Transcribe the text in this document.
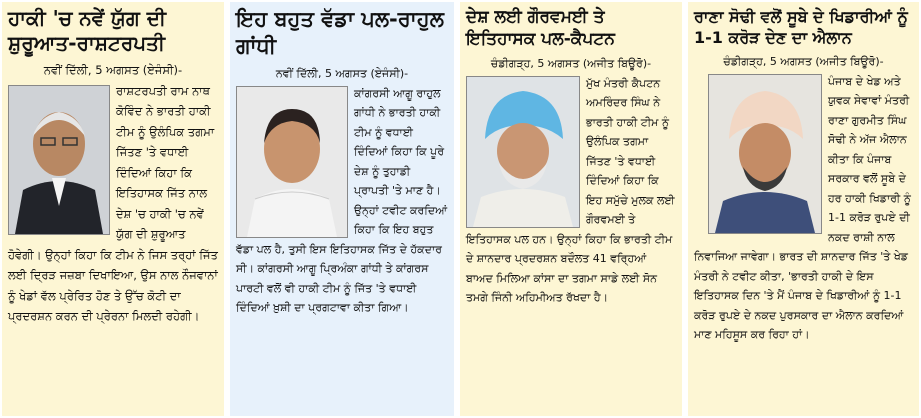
ਹਾਕੀ 'ਚ ਨਵੇਂ ਯੁੱਗ ਦੀ ਸ਼ੁਰੂਆਤ-ਰਾਸ਼ਟਰਪਤੀ
ਨਵੀਂ ਦਿੱਲੀ, 5 ਅਗਸਤ (ਏਜੰਸੀ)-
ਰਾਸ਼ਟਰਪਤੀ ਰਾਮ ਨਾਥ ਕੋਵਿੰਦ ਨੇ ਭਾਰਤੀ ਹਾਕੀ ਟੀਮ ਨੂੰ ਉਲੰਪਿਕ ਤਗਮਾ ਜਿੱਤਣ 'ਤੇ ਵਧਾਈ ਦਿੰਦਿਆਂ ਕਿਹਾ ਕਿ ਇਤਿਹਾਸਕ ਜਿੱਤ ਨਾਲ ਦੇਸ਼ 'ਚ ਹਾਕੀ 'ਚ ਨਵੇਂ ਯੁੱਗ ਦੀ ਸ਼ੁਰੂਆਤ ਹੋਵੇਗੀ। ਉਨ੍ਹਾਂ ਕਿਹਾ ਕਿ ਟੀਮ ਨੇ ਜਿਸ ਤਰ੍ਹਾਂ ਜਿੱਤ ਲਈ ਦ੍ਰਿੜ ਜਜ਼ਬਾ ਦਿਖਾਇਆ, ਉਸ ਨਾਲ ਨੌਜਵਾਨਾਂ ਨੂੰ ਖੇਡਾਂ ਵੱਲ ਪ੍ਰੇਰਿਤ ਹੋਣ ਤੇ ਉੱਚ ਕੋਟੀ ਦਾ ਪ੍ਰਦਰਸ਼ਨ ਕਰਨ ਦੀ ਪ੍ਰੇਰਨਾ ਮਿਲਦੀ ਰਹੇਗੀ।
ਇਹ ਬਹੁਤ ਵੱਡਾ ਪਲ-ਰਾਹੁਲ ਗਾਂਧੀ
ਨਵੀਂ ਦਿੱਲੀ, 5 ਅਗਸਤ (ਏਜੰਸੀ)-
ਕਾਂਗਰਸੀ ਆਗੂ ਰਾਹੁਲ ਗਾਂਧੀ ਨੇ ਭਾਰਤੀ ਹਾਕੀ ਟੀਮ ਨੂੰ ਵਧਾਈ ਦਿੰਦਿਆਂ ਕਿਹਾ ਕਿ ਪੂਰੇ ਦੇਸ਼ ਨੂੰ ਤੁਹਾਡੀ ਪ੍ਰਾਪਤੀ 'ਤੇ ਮਾਣ ਹੈ। ਉਨ੍ਹਾਂ ਟਵੀਟ ਕਰਦਿਆਂ ਕਿਹਾ ਕਿ ਇਹ ਬਹੁਤ ਵੱਡਾ ਪਲ ਹੈ, ਤੁਸੀ ਇਸ ਇਤਿਹਾਸਕ ਜਿੱਤ ਦੇ ਹੱਕਦਾਰ ਸੀ। ਕਾਂਗਰਸੀ ਆਗੂ ਪ੍ਰਿਅੰਕਾ ਗਾਂਧੀ ਤੇ ਕਾਂਗਰਸ ਪਾਰਟੀ ਵਲੋਂ ਵੀ ਹਾਕੀ ਟੀਮ ਨੂੰ ਜਿੱਤ 'ਤੇ ਵਧਾਈ ਦਿੰਦਿਆਂ ਖ਼ੁਸ਼ੀ ਦਾ ਪ੍ਰਗਟਾਵਾ ਕੀਤਾ ਗਿਆ।
ਦੇਸ਼ ਲਈ ਗੌਰਵਮਈ ਤੇ ਇਤਿਹਾਸਕ ਪਲ-ਕੈਪਟਨ
ਚੰਡੀਗੜ੍ਹ, 5 ਅਗਸਤ (ਅਜੀਤ ਬਿਊਰੋ)-
ਮੁੱਖ ਮੰਤਰੀ ਕੈਪਟਨ ਅਮਰਿੰਦਰ ਸਿੰਘ ਨੇ ਭਾਰਤੀ ਹਾਕੀ ਟੀਮ ਨੂੰ ਉਲੰਪਿਕ ਤਗਮਾ ਜਿੱਤਣ 'ਤੇ ਵਧਾਈ ਦਿੰਦਿਆਂ ਕਿਹਾ ਕਿ ਇਹ ਸਮੁੱਚੇ ਮੁਲਕ ਲਈ ਗੌਰਵਮਈ ਤੇ ਇਤਿਹਾਸਕ ਪਲ ਹਨ। ਉਨ੍ਹਾਂ ਕਿਹਾ ਕਿ ਭਾਰਤੀ ਟੀਮ ਦੇ ਸ਼ਾਨਦਾਰ ਪ੍ਰਦਰਸ਼ਨ ਬਦੌਲਤ 41 ਵਰ੍ਹਿਆਂ ਬਾਅਦ ਮਿਲਿਆ ਕਾਂਸਾ ਦਾ ਤਗਮਾ ਸਾਡੇ ਲਈ ਸੋਨ ਤਮਗੇ ਜਿੰਨੀ ਅਹਿਮੀਅਤ ਰੱਖਦਾ ਹੈ।
ਰਾਣਾ ਸੋਢੀ ਵਲੋਂ ਸੂਬੇ ਦੇ ਖਿਡਾਰੀਆਂ ਨੂੰ 1-1 ਕਰੋੜ ਦੇਣ ਦਾ ਐਲਾਨ
ਚੰਡੀਗੜ੍ਹ, 5 ਅਗਸਤ (ਅਜੀਤ ਬਿਊਰੋ)-
ਪੰਜਾਬ ਦੇ ਖੇਡ ਅਤੇ ਯੁਵਕ ਸੇਵਾਵਾਂ ਮੰਤਰੀ ਰਾਣਾ ਗੁਰਮੀਤ ਸਿੰਘ ਸੋਢੀ ਨੇ ਅੱਜ ਐਲਾਨ ਕੀਤਾ ਕਿ ਪੰਜਾਬ ਸਰਕਾਰ ਵਲੋਂ ਸੂਬੇ ਦੇ ਹਰ ਹਾਕੀ ਖਿਡਾਰੀ ਨੂੰ 1-1 ਕਰੋੜ ਰੁਪਏ ਦੀ ਨਕਦ ਰਾਸ਼ੀ ਨਾਲ ਨਿਵਾਜਿਆ ਜਾਵੇਗਾ। ਭਾਰਤ ਦੀ ਸ਼ਾਨਦਾਰ ਜਿੱਤ 'ਤੇ ਖੇਡ ਮੰਤਰੀ ਨੇ ਟਵੀਟ ਕੀਤਾ, 'ਭਾਰਤੀ ਹਾਕੀ ਦੇ ਇਸ ਇਤਿਹਾਸਕ ਦਿਨ 'ਤੇ ਮੈਂ ਪੰਜਾਬ ਦੇ ਖਿਡਾਰੀਆਂ ਨੂੰ 1-1 ਕਰੋੜ ਰੁਪਏ ਦੇ ਨਕਦ ਪੁਰਸਕਾਰ ਦਾ ਐਲਾਨ ਕਰਦਿਆਂ ਮਾਣ ਮਹਿਸੂਸ ਕਰ ਰਿਹਾ ਹਾਂ।
